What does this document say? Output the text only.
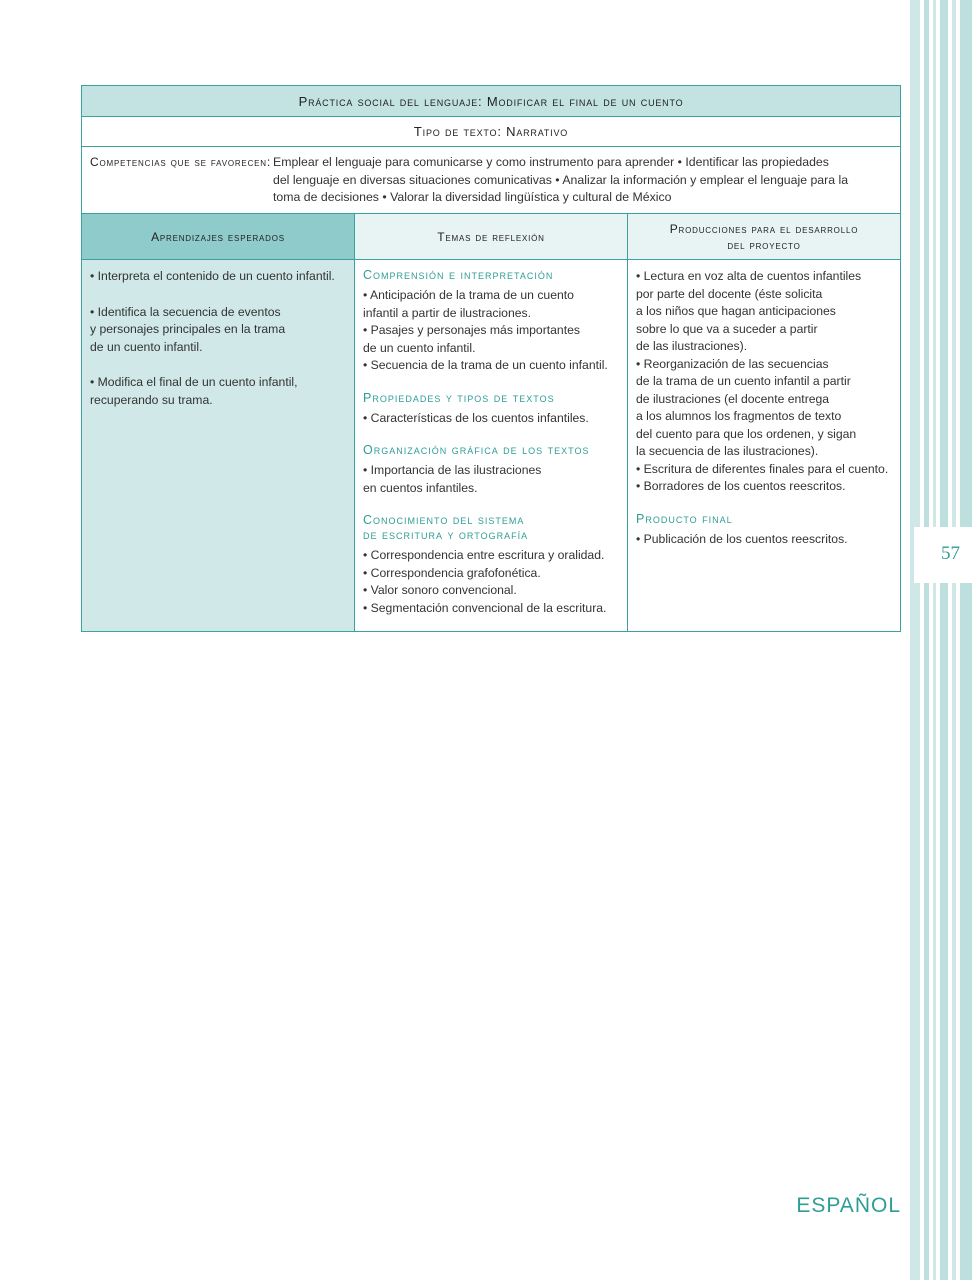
57
Práctica social del lenguaje: Modificar el final de un cuento
Tipo de texto: Narrativo
Competencias que se favorecen: Emplear el lenguaje para comunicarse y como instrumento para aprender • Identificar las propiedades
del lenguaje en diversas situaciones comunicativas • Analizar la información y emplear el lenguaje para la
toma de decisiones • Valorar la diversidad lingüística y cultural de México
Aprendizajes esperados	Temas de reflexión
Producciones para el desarrollo
del proyecto
• Interpreta el contenido de un cuento infantil.
• Identifica la secuencia de eventos
y personajes principales en la trama
de un cuento infantil.
• Modifica el final de un cuento infantil,
recuperando su trama.
Comprensión e interpretación
• Anticipación de la trama de un cuento
infantil a partir de ilustraciones.
• Pasajes y personajes más importantes
de un cuento infantil.
• Secuencia de la trama de un cuento infantil.
Propiedades y tipos de textos
• Características de los cuentos infantiles.
Organización gráfica de los textos
• Importancia de las ilustraciones
en cuentos infantiles.
Conocimiento del sistema
de escritura y ortografía
• Correspondencia entre escritura y oralidad.
• Correspondencia grafofonética.
• Valor sonoro convencional.
• Segmentación convencional de la escritura.
• Lectura en voz alta de cuentos infantiles
por parte del docente (éste solicita
a los niños que hagan anticipaciones
sobre lo que va a suceder a partir
de las ilustraciones).
• Reorganización de las secuencias
de la trama de un cuento infantil a partir
de ilustraciones (el docente entrega
a los alumnos los fragmentos de texto
del cuento para que los ordenen, y sigan
la secuencia de las ilustraciones).
• Escritura de diferentes finales para el cuento.
• Borradores de los cuentos reescritos.
Producto final
• Publicación de los cuentos reescritos.
ESPAÑOL
